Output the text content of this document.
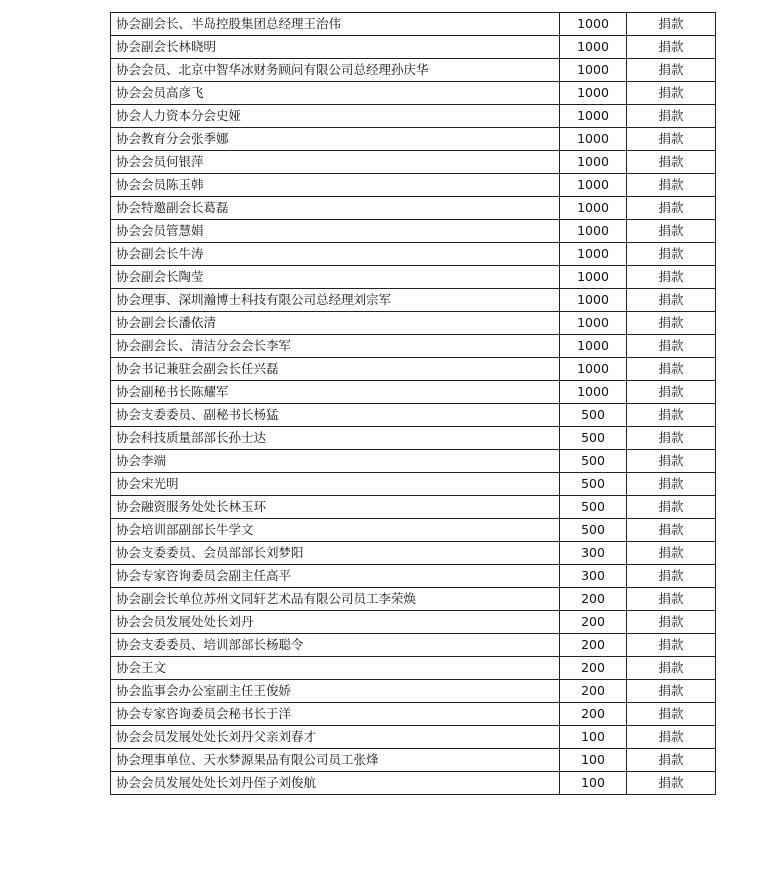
协会副会长、半岛控股集团总经理王治伟	1000	捐款
协会副会长林晓明	1000	捐款
协会会员、北京中智华冰财务顾问有限公司总经理孙庆华	1000	捐款
协会会员高彦飞	1000	捐款
协会人力资本分会史娅	1000	捐款
协会教育分会张季娜	1000	捐款
协会会员何银萍	1000	捐款
协会会员陈玉韩	1000	捐款
协会特邀副会长葛磊	1000	捐款
协会会员管慧娟	1000	捐款
协会副会长牛涛	1000	捐款
协会副会长陶莹	1000	捐款
协会理事、深圳瀚博士科技有限公司总经理刘宗军	1000	捐款
协会副会长潘依清	1000	捐款
协会副会长、清洁分会会长李军	1000	捐款
协会书记兼驻会副会长任兴磊	1000	捐款
协会副秘书长陈耀军	1000	捐款
协会支委委员、副秘书长杨猛	500	捐款
协会科技质量部部长孙士达	500	捐款
协会李端	500	捐款
协会宋光明	500	捐款
协会融资服务处处长林玉环	500	捐款
协会培训部副部长牛学文	500	捐款
协会支委委员、会员部部长刘梦阳	300	捐款
协会专家咨询委员会副主任高平	300	捐款
协会副会长单位苏州文同轩艺术品有限公司员工李荣焕	200	捐款
协会会员发展处处长刘丹	200	捐款
协会支委委员、培训部部长杨聪令	200	捐款
协会王文	200	捐款
协会监事会办公室副主任王俊娇	200	捐款
协会专家咨询委员会秘书长于洋	200	捐款
协会会员发展处处长刘丹父亲刘春才	100	捐款
协会理事单位、天水梦源果品有限公司员工张烽	100	捐款
协会会员发展处处长刘丹侄子刘俊航	100	捐款
